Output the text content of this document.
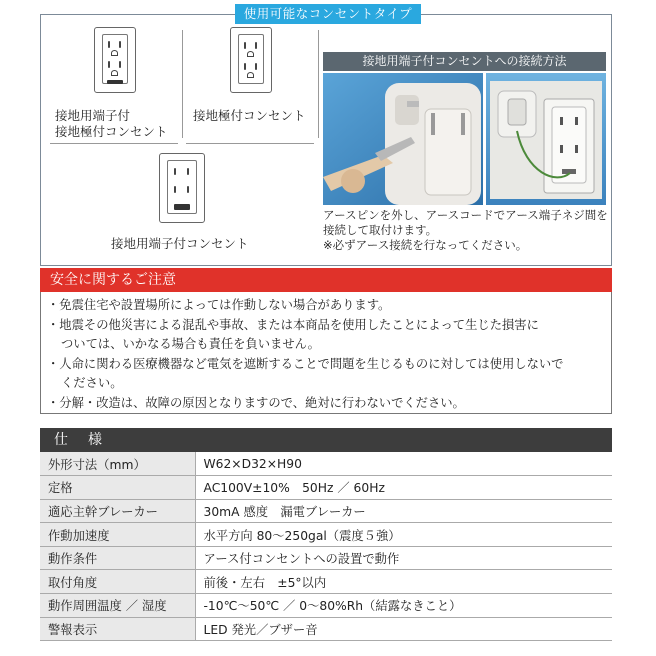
使用可能なコンセントタイプ
接地用端子付
接地極付コンセント
接地極付コンセント
接地用端子付コンセント
接地用端子付コンセントへの接続方法
アースピンを外し、アースコードでアース端子ネジ間を
接続して取付けます。
※必ずアース接続を行なってください。
安全に関するご注意
・免震住宅や設置場所によっては作動しない場合があります。
・地震その他災害による混乱や事故、または本商品を使用したことによって生じた損害に
ついては、いかなる場合も責任を負いません。
・人命に関わる医療機器など電気を遮断することで問題を生じるものに対しては使用しないで
ください。
・分解・改造は、故障の原因となりますので、絶対に行わないでください。
仕　様
外形寸法（mm）	W62×D32×H90
定格	AC100V±10%　50Hz ／ 60Hz
適応主幹ブレーカー	30mA 感度　漏電ブレーカー
作動加速度	水平方向 80～250gal（震度５強）
動作条件	アース付コンセントへの設置で動作
取付角度	前後・左右　±5°以内
動作周囲温度 ／ 湿度	-10℃～50℃ ／ 0～80%Rh（結露なきこと）
警報表示	LED 発光／ブザー音
